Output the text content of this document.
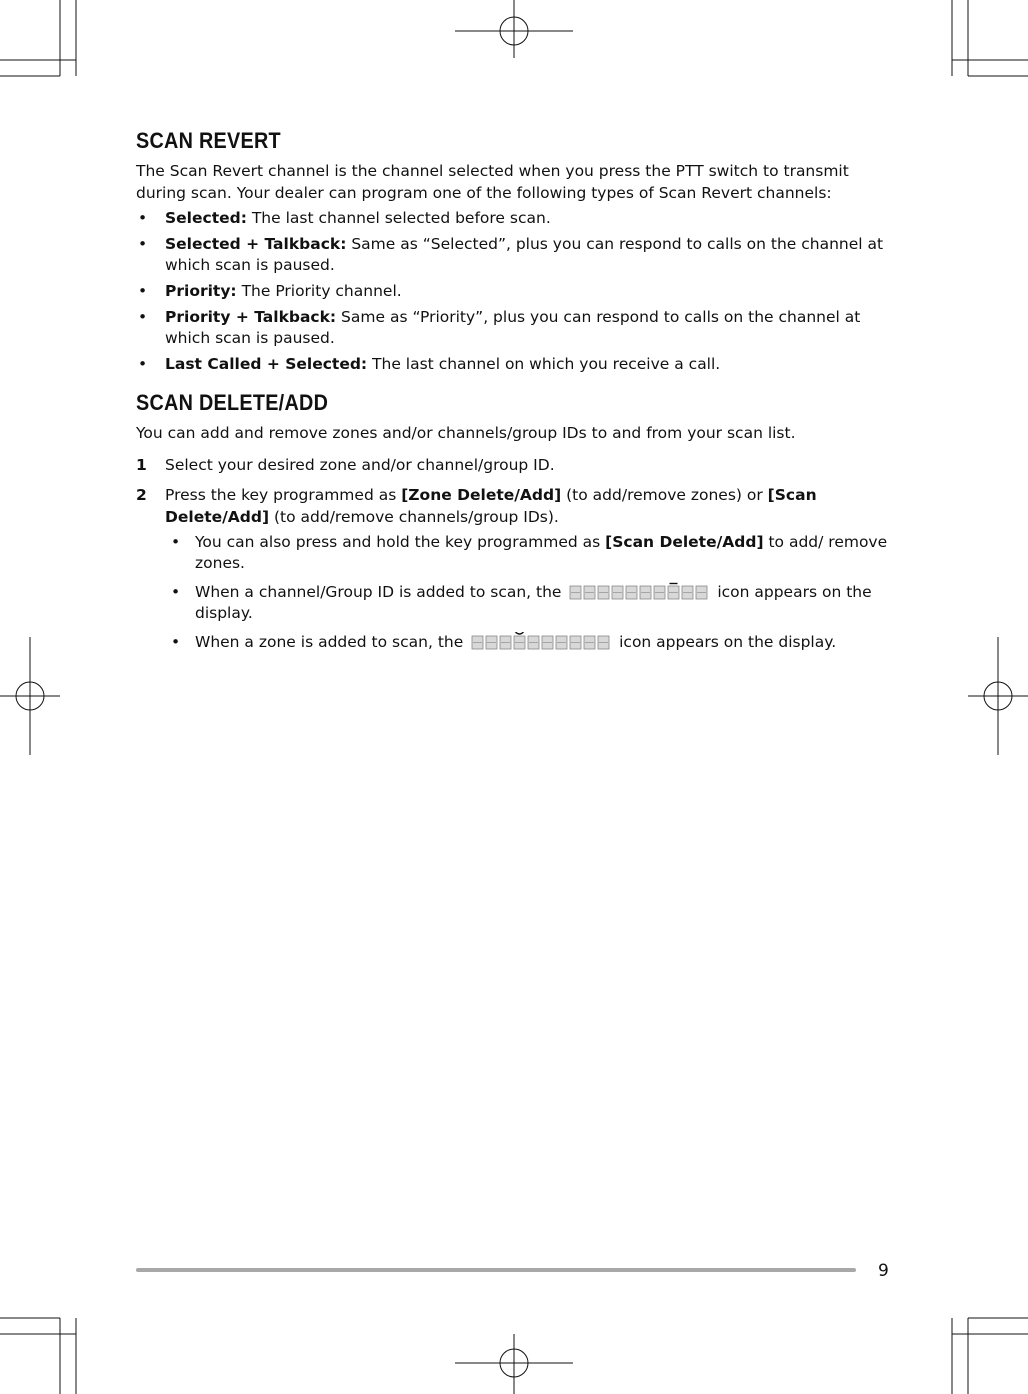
SCAN REVERT

The Scan Revert channel is the channel selected when you press the PTT switch to transmit during scan. Your dealer can program one of the following types of Scan Revert channels:

• Selected: The last channel selected before scan.
• Selected + Talkback: Same as “Selected”, plus you can respond to calls on the channel at which scan is paused.
• Priority: The Priority channel.
• Priority + Talkback: Same as “Priority”, plus you can respond to calls on the channel at which scan is paused.
• Last Called + Selected: The last channel on which you receive a call.
SCAN DELETE/ADD

You can add and remove zones and/or channels/group IDs to and from your scan list.

1 Select your desired zone and/or channel/group ID.
2 Press the key programmed as [Zone Delete/Add] (to add/remove zones) or [Scan Delete/Add] (to add/remove channels/group IDs).
• You can also press and hold the key programmed as [Scan Delete/Add] to add/ remove zones.
• When a channel/Group ID is added to scan, the	icon appears on the display.
• When a zone is added to scan, the	icon appears on the display.
9
